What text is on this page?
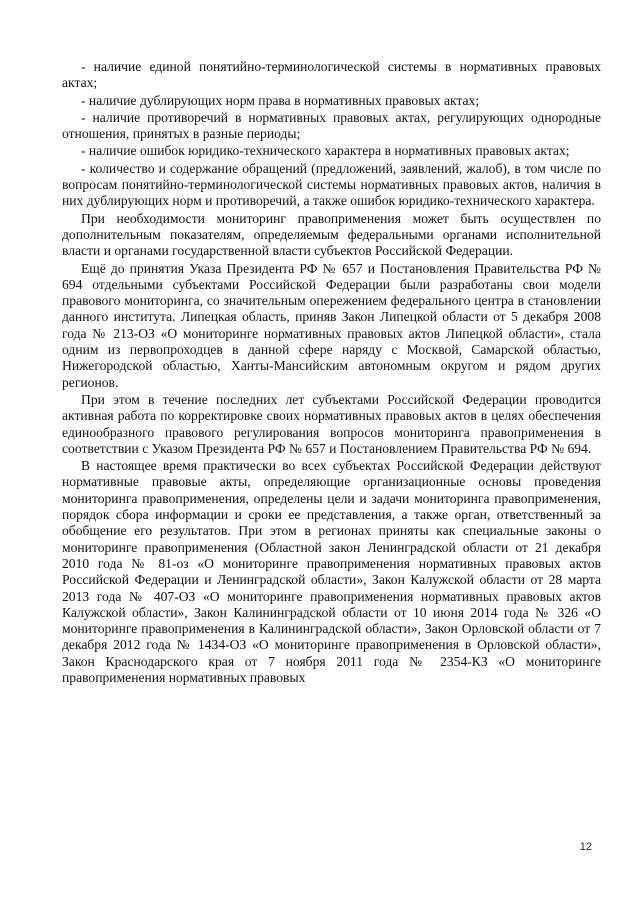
- наличие единой понятийно-терминологической системы в нормативных правовых актах;

- наличие дублирующих норм права в нормативных правовых актах;

- наличие противоречий в нормативных правовых актах, регулирующих однородные отношения, принятых в разные периоды;

- наличие ошибок юридико-технического характера в нормативных правовых актах;

- количество и содержание обращений (предложений, заявлений, жалоб), в том числе по вопросам понятийно-терминологической системы нормативных правовых актов, наличия в них дублирующих норм и противоречий, а также ошибок юридико-технического характера.

При необходимости мониторинг правоприменения может быть осуществлен по дополнительным показателям, определяемым федеральными органами исполнительной власти и органами государственной власти субъектов Российской Федерации.

Ещё до принятия Указа Президента РФ № 657 и Постановления Правительства РФ № 694 отдельными субъектами Российской Федерации были разработаны свои модели правового мониторинга, со значительным опережением федерального центра в становлении данного института. Липецкая область, приняв Закон Липецкой области от 5 декабря 2008 года № 213-ОЗ «О мониторинге нормативных правовых актов Липецкой области», стала одним из первопроходцев в данной сфере наряду с Москвой, Самарской областью, Нижегородской областью, Ханты-Мансийским автономным округом и рядом других регионов.

При этом в течение последних лет субъектами Российской Федерации проводится активная работа по корректировке своих нормативных правовых актов в целях обеспечения единообразного правового регулирования вопросов мониторинга правоприменения в соответствии с Указом Президента РФ № 657 и Постановлением Правительства РФ № 694.

В настоящее время практически во всех субъектах Российской Федерации действуют нормативные правовые акты, определяющие организационные основы проведения мониторинга правоприменения, определены цели и задачи мониторинга правоприменения, порядок сбора информации и сроки ее представления, а также орган, ответственный за обобщение его результатов. При этом в регионах приняты как специальные законы о мониторинге правоприменения (Областной закон Ленинградской области от 21 декабря 2010 года № 81-оз «О мониторинге правоприменения нормативных правовых актов Российской Федерации и Ленинградской области», Закон Калужской области от 28 марта 2013 года № 407-ОЗ «О мониторинге правоприменения нормативных правовых актов Калужской области», Закон Калининградской области от 10 июня 2014 года № 326 «О мониторинге правоприменения в Калининградской области», Закон Орловской области от 7 декабря 2012 года № 1434-ОЗ «О мониторинге правоприменения в Орловской области», Закон Краснодарского края от 7 ноября 2011 года № 2354-КЗ «О мониторинге правоприменения нормативных правовых

12
